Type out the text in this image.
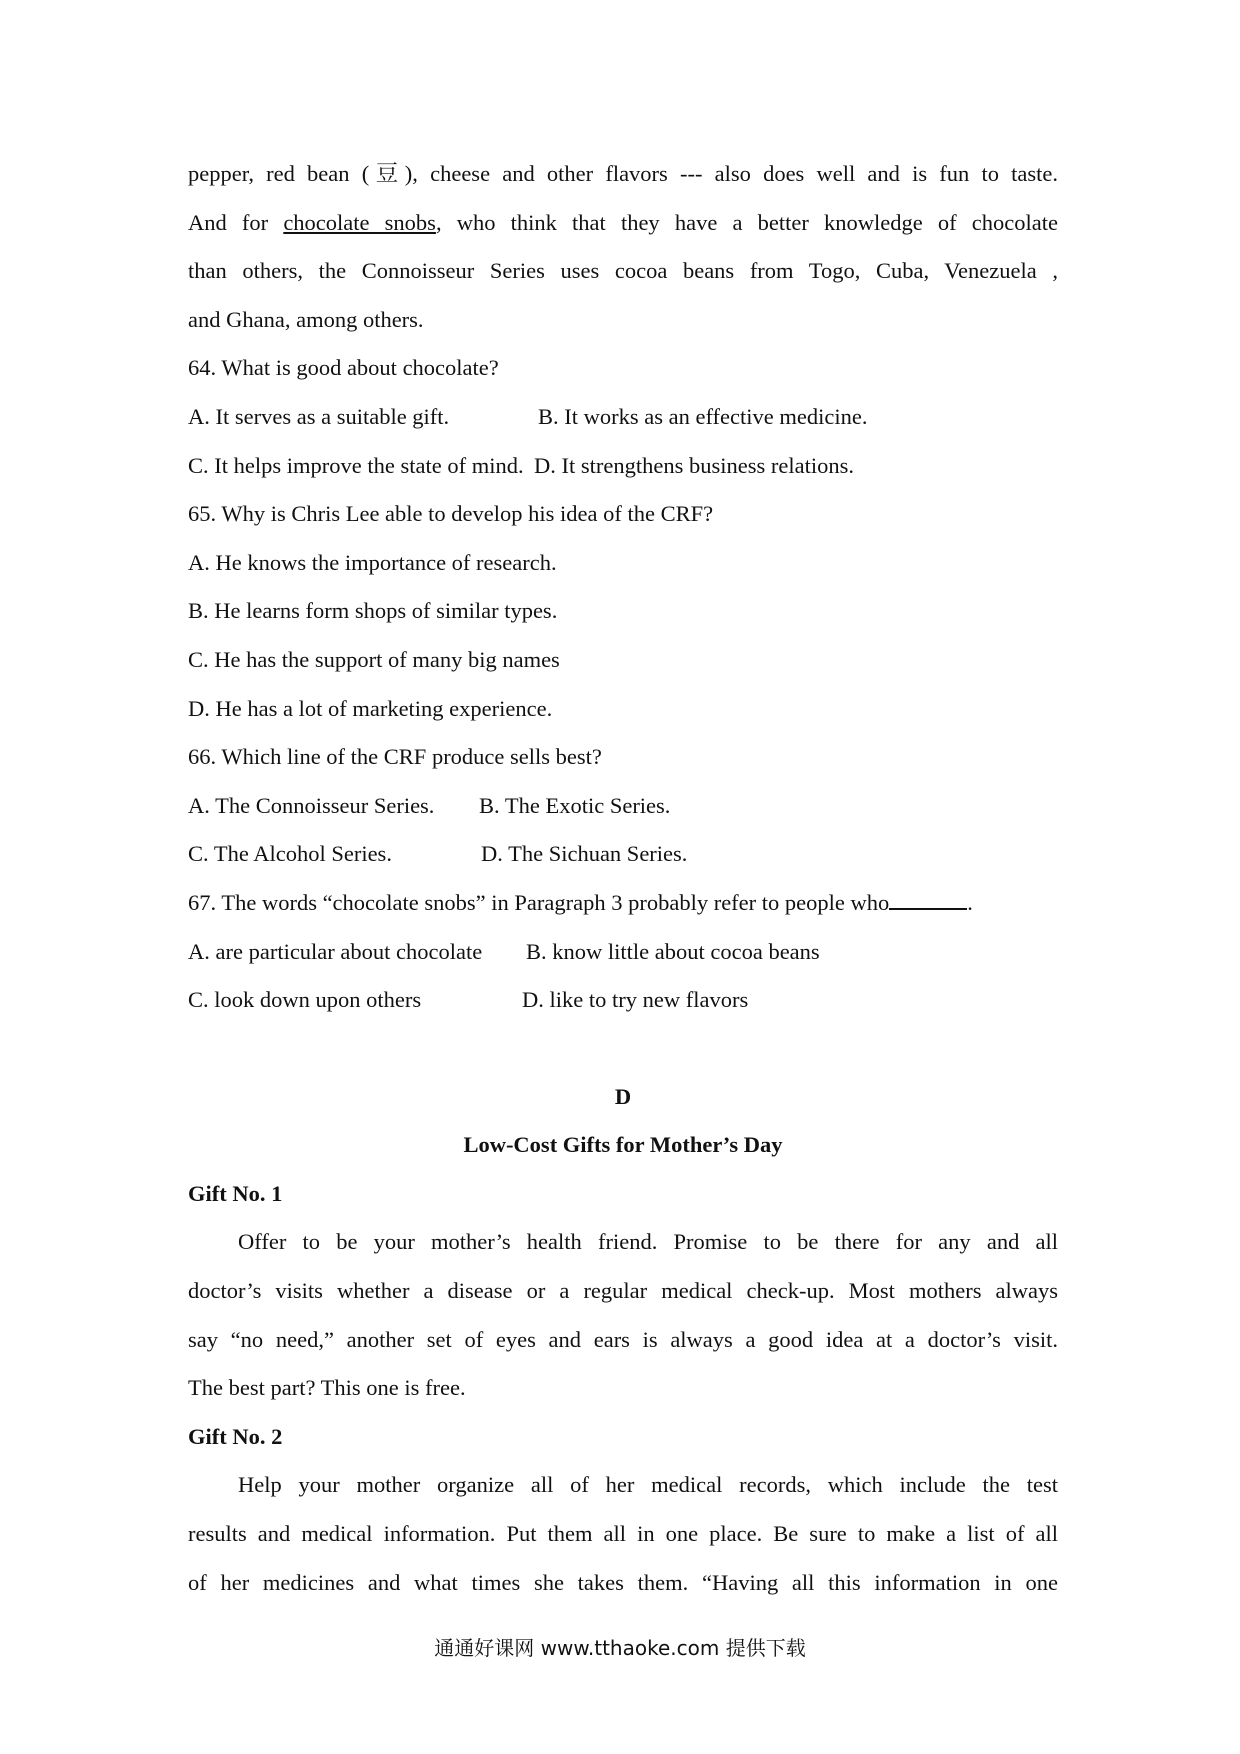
pepper, red bean (豆), cheese and other flavors --- also does well and is fun to taste.
And for chocolate snobs, who think that they have a better knowledge of chocolate
than others, the Connoisseur Series uses cocoa beans from Togo, Cuba, Venezuela ,
and Ghana, among others.
64. What is good about chocolate?
A. It serves as a suitable gift.	B. It works as an effective medicine.
C. It helps improve the state of mind. D. It strengthens business relations.
65. Why is Chris Lee able to develop his idea of the CRF?
A. He knows the importance of research.
B. He learns form shops of similar types.
C. He has the support of many big names
D. He has a lot of marketing experience.
66. Which line of the CRF produce sells best?
A. The Connoisseur Series. B. The Exotic Series.
C. The Alcohol Series.	D. The Sichuan Series.
67. The words “chocolate snobs” in Paragraph 3 probably refer to people who	.
A. are particular about chocolate B. know little about cocoa beans
C. look down upon others	D. like to try new flavors
D
Low-Cost Gifts for Mother’s Day
Gift No. 1
Offer to be your mother’s health friend. Promise to be there for any and all
doctor’s visits whether a disease or a regular medical check-up. Most mothers always
say “no need,” another set of eyes and ears is always a good idea at a doctor’s visit.
The best part? This one is free.
Gift No. 2
Help your mother organize all of her medical records, which include the test
results and medical information. Put them all in one place. Be sure to make a list of all
of her medicines and what times she takes them. “Having all this information in one
通通好课网 www.tthaoke.com 提供下载
